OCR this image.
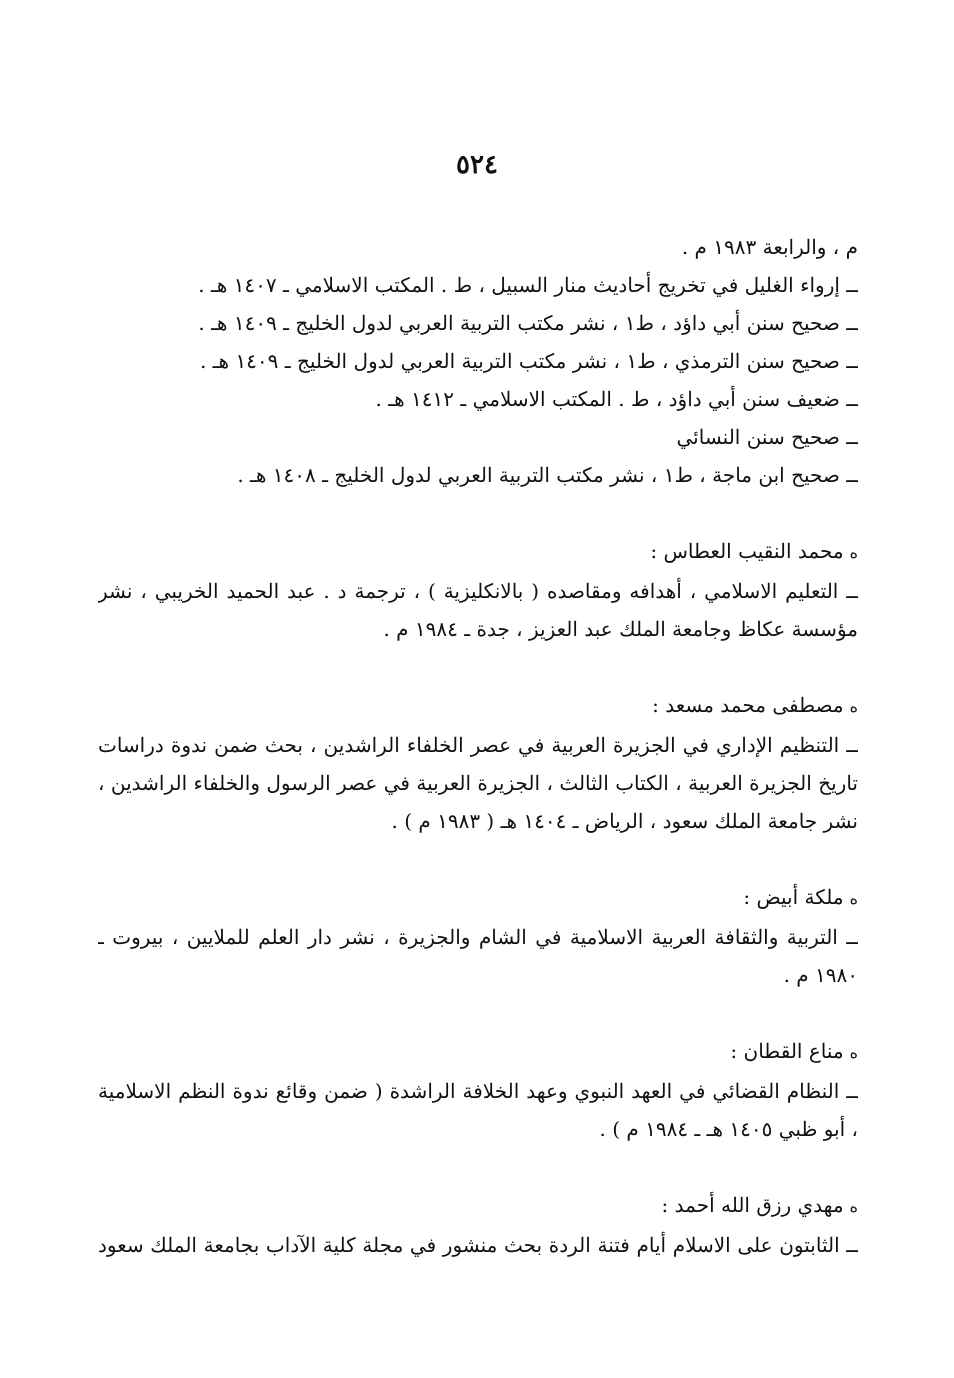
٥٢٤
م ، والرابعة ١٩٨٣ م .
ــ إرواء الغليل في تخريج أحاديث منار السبيل ، ط . المكتب الاسلامي ـ ١٤٠٧ هـ .
ــ صحيح سنن أبي داؤد ، ط١ ، نشر مكتب التربية العربي لدول الخليج ـ ١٤٠٩ هـ .
ــ صحيح سنن الترمذي ، ط١ ، نشر مكتب التربية العربي لدول الخليج ـ ١٤٠٩ هـ .
ــ ضعيف سنن أبي داؤد ، ط . المكتب الاسلامي ـ ١٤١٢ هـ .
ــ صحيح سنن النسائي
ــ صحيح ابن ماجة ، ط١ ، نشر مكتب التربية العربي لدول الخليج ـ ١٤٠٨ هـ .
همحمد النقيب العطاس :
ــ التعليم الاسلامي ، أهدافه ومقاصده ( بالانكليزية ) ، ترجمة د . عبد الحميد الخريبي ، نشر
مؤسسة عكاظ وجامعة الملك عبد العزيز ، جدة ـ ١٩٨٤ م .
همصطفى محمد مسعد :
ــ التنظيم الإداري في الجزيرة العربية في عصر الخلفاء الراشدين ، بحث ضمن ندوة دراسات
تاريخ الجزيرة العربية ، الكتاب الثالث ، الجزيرة العربية في عصر الرسول والخلفاء الراشدين ،
نشر جامعة الملك سعود ، الرياض ـ ١٤٠٤ هـ ( ١٩٨٣ م ) .
هملكة أبيض :
ــ التربية والثقافة العربية الاسلامية في الشام والجزيرة ، نشر دار العلم للملايين ، بيروت ـ
١٩٨٠ م .
همناع القطان :
ــ النظام القضائي في العهد النبوي وعهد الخلافة الراشدة ( ضمن وقائع ندوة النظم الاسلامية
، أبو ظبي ١٤٠٥ هـ ـ ١٩٨٤ م ) .
همهدي رزق الله أحمد :
ــ الثابتون على الاسلام أيام فتنة الردة بحث منشور في مجلة كلية الآداب بجامعة الملك سعود
